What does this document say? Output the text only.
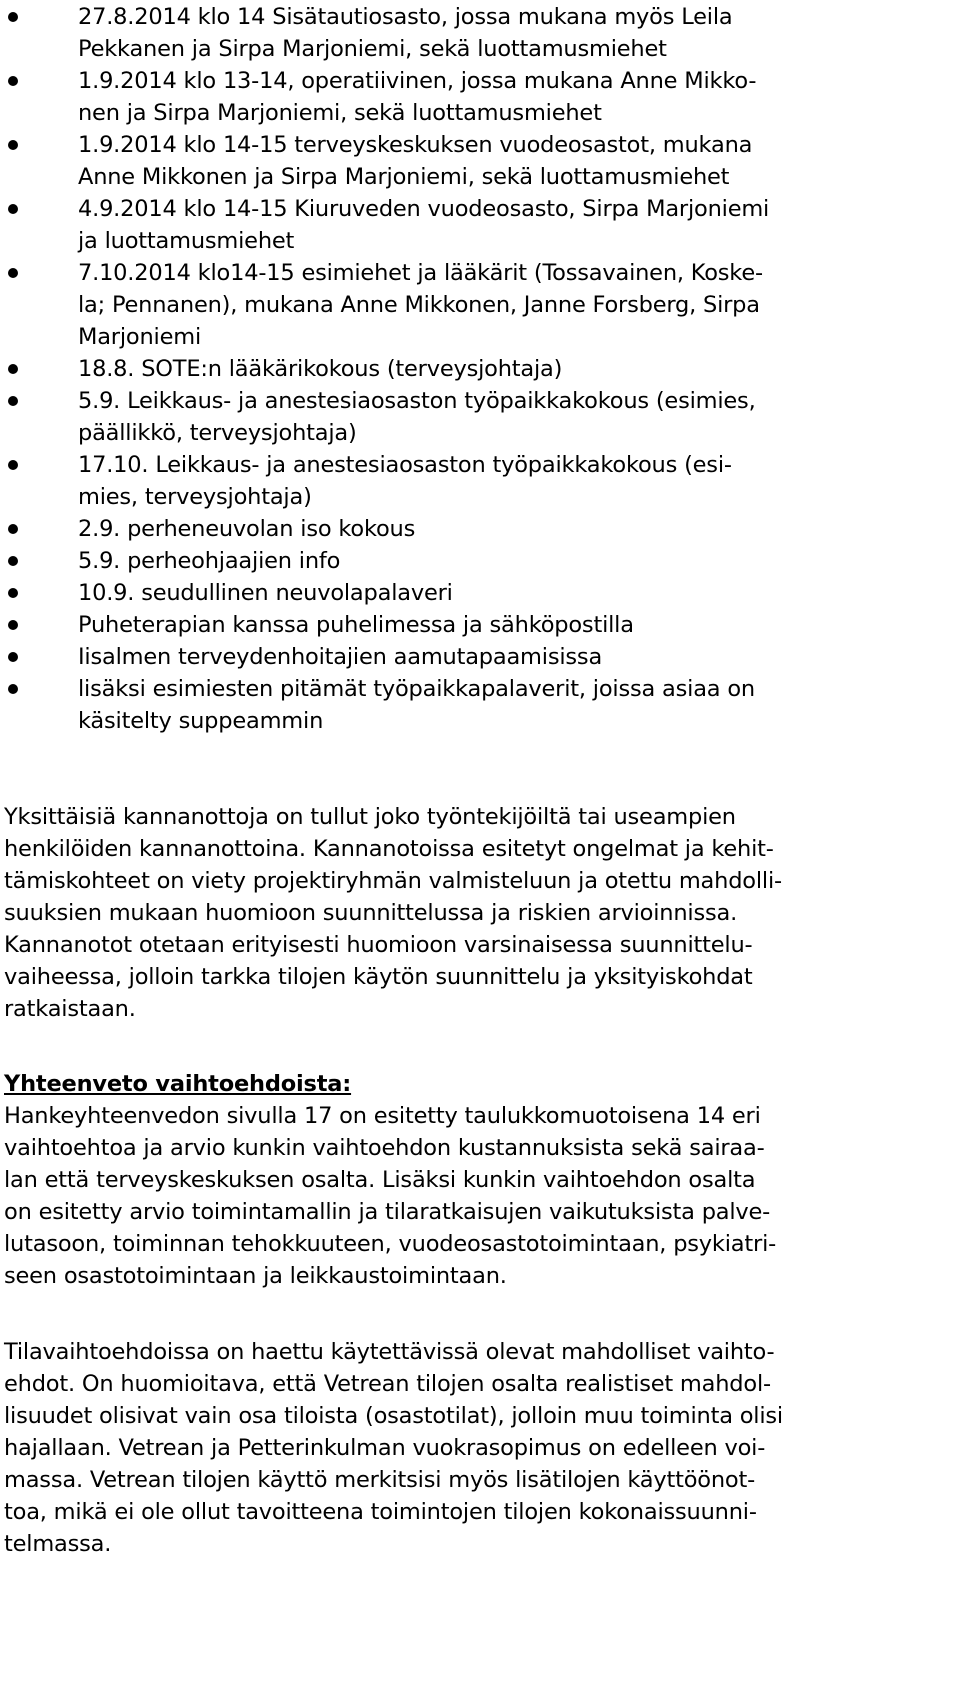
27.8.2014 klo 14 Sisätautiosasto, jossa mukana myös Leila
Pekkanen ja Sirpa Marjoniemi, sekä luottamusmiehet
1.9.2014 klo 13-14, operatiivinen, jossa mukana Anne Mikko-
nen ja Sirpa Marjoniemi, sekä luottamusmiehet
1.9.2014 klo 14-15 terveyskeskuksen vuodeosastot, mukana
Anne Mikkonen ja Sirpa Marjoniemi, sekä luottamusmiehet
4.9.2014 klo 14-15 Kiuruveden vuodeosasto, Sirpa Marjoniemi
ja luottamusmiehet
7.10.2014 klo14-15 esimiehet ja lääkärit (Tossavainen, Koske-
la; Pennanen), mukana Anne Mikkonen, Janne Forsberg, Sirpa
Marjoniemi
18.8. SOTE:n lääkärikokous (terveysjohtaja)
5.9. Leikkaus- ja anestesiaosaston työpaikkakokous (esimies,
päällikkö, terveysjohtaja)
17.10. Leikkaus- ja anestesiaosaston työpaikkakokous (esi-
mies, terveysjohtaja)
2.9. perheneuvolan iso kokous
5.9. perheohjaajien info
10.9. seudullinen neuvolapalaveri
Puheterapian kanssa puhelimessa ja sähköpostilla
Iisalmen terveydenhoitajien aamutapaamisissa
lisäksi esimiesten pitämät työpaikkapalaverit, joissa asiaa on
käsitelty suppeammin
Yksittäisiä kannanottoja on tullut joko työntekijöiltä tai useampien
henkilöiden kannanottoina. Kannanotoissa esitetyt ongelmat ja kehit-
tämiskohteet on viety projektiryhmän valmisteluun ja otettu mahdolli-
suuksien mukaan huomioon suunnittelussa ja riskien arvioinnissa.
Kannanotot otetaan erityisesti huomioon varsinaisessa suunnittelu-
vaiheessa, jolloin tarkka tilojen käytön suunnittelu ja yksityiskohdat
ratkaistaan.
Yhteenveto vaihtoehdoista:
Hankeyhteenvedon sivulla 17 on esitetty taulukkomuotoisena 14 eri
vaihtoehtoa ja arvio kunkin vaihtoehdon kustannuksista sekä sairaa-
lan että terveyskeskuksen osalta. Lisäksi kunkin vaihtoehdon osalta
on esitetty arvio toimintamallin ja tilaratkaisujen vaikutuksista palve-
lutasoon, toiminnan tehokkuuteen, vuodeosastotoimintaan, psykiatri-
seen osastotoimintaan ja leikkaustoimintaan.
Tilavaihtoehdoissa on haettu käytettävissä olevat mahdolliset vaihto-
ehdot. On huomioitava, että Vetrean tilojen osalta realistiset mahdol-
lisuudet olisivat vain osa tiloista (osastotilat), jolloin muu toiminta olisi
hajallaan. Vetrean ja Petterinkulman vuokrasopimus on edelleen voi-
massa. Vetrean tilojen käyttö merkitsisi myös lisätilojen käyttöönot-
toa, mikä ei ole ollut tavoitteena toimintojen tilojen kokonaissuunni-
telmassa.
